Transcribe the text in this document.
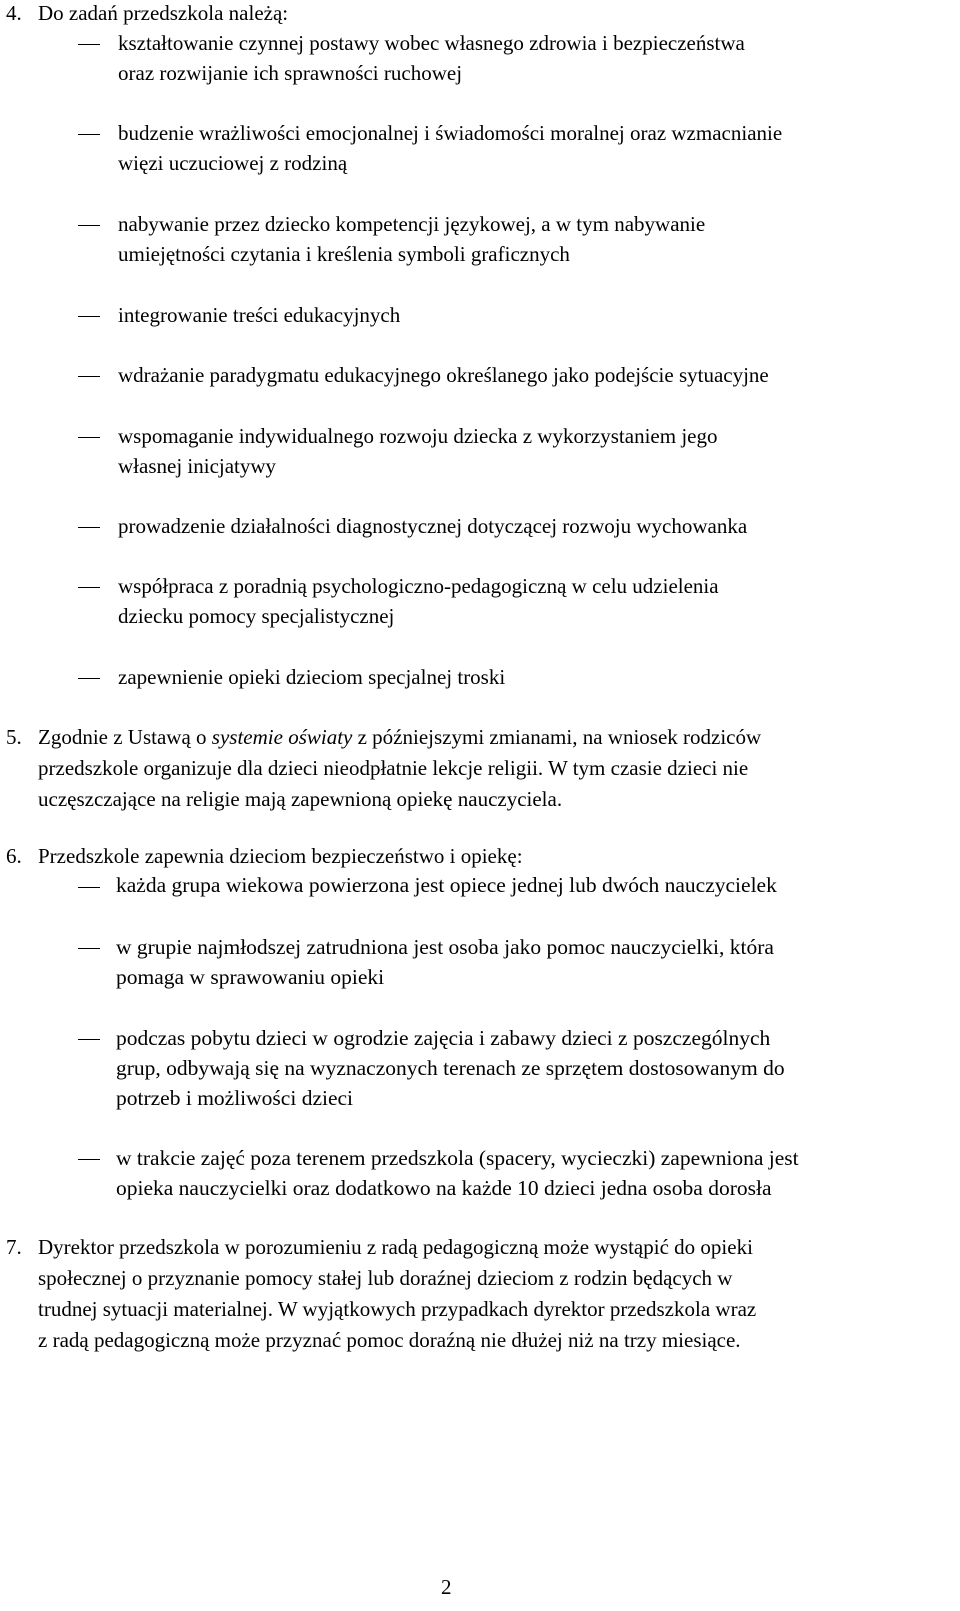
4. Do zadań przedszkola należą:
kształtowanie czynnej postawy wobec własnego zdrowia i bezpieczeństwa
oraz rozwijanie ich sprawności ruchowej
budzenie wrażliwości emocjonalnej i świadomości moralnej oraz wzmacnianie
więzi uczuciowej z rodziną
nabywanie przez dziecko kompetencji językowej, a w tym nabywanie
umiejętności czytania i kreślenia symboli graficznych
integrowanie treści edukacyjnych
wdrażanie paradygmatu edukacyjnego określanego jako podejście sytuacyjne
wspomaganie indywidualnego rozwoju dziecka z wykorzystaniem jego
własnej inicjatywy
prowadzenie działalności diagnostycznej dotyczącej rozwoju wychowanka
współpraca z poradnią psychologiczno-pedagogiczną w celu udzielenia
dziecku pomocy specjalistycznej
zapewnienie opieki dzieciom specjalnej troski
5. Zgodnie z Ustawą o systemie oświaty z późniejszymi zmianami, na wniosek rodziców
przedszkole organizuje dla dzieci nieodpłatnie lekcje religii. W tym czasie dzieci nie
uczęszczające na religie mają zapewnioną opiekę nauczyciela.
6. Przedszkole zapewnia dzieciom bezpieczeństwo i opiekę:
każda grupa wiekowa powierzona jest opiece jednej lub dwóch nauczycielek
w grupie najmłodszej zatrudniona jest osoba jako pomoc nauczycielki, która
pomaga w sprawowaniu opieki
podczas pobytu dzieci w ogrodzie zajęcia i zabawy dzieci z poszczególnych
grup, odbywają się na wyznaczonych terenach ze sprzętem dostosowanym do
potrzeb i możliwości dzieci
w trakcie zajęć poza terenem przedszkola (spacery, wycieczki) zapewniona jest
opieka nauczycielki oraz dodatkowo na każde 10 dzieci jedna osoba dorosła
7. Dyrektor przedszkola w porozumieniu z radą pedagogiczną może wystąpić do opieki
społecznej o przyznanie pomocy stałej lub doraźnej dzieciom z rodzin będących w
trudnej sytuacji materialnej. W wyjątkowych przypadkach dyrektor przedszkola wraz
z radą pedagogiczną może przyznać pomoc doraźną nie dłużej niż na trzy miesiące.
2
